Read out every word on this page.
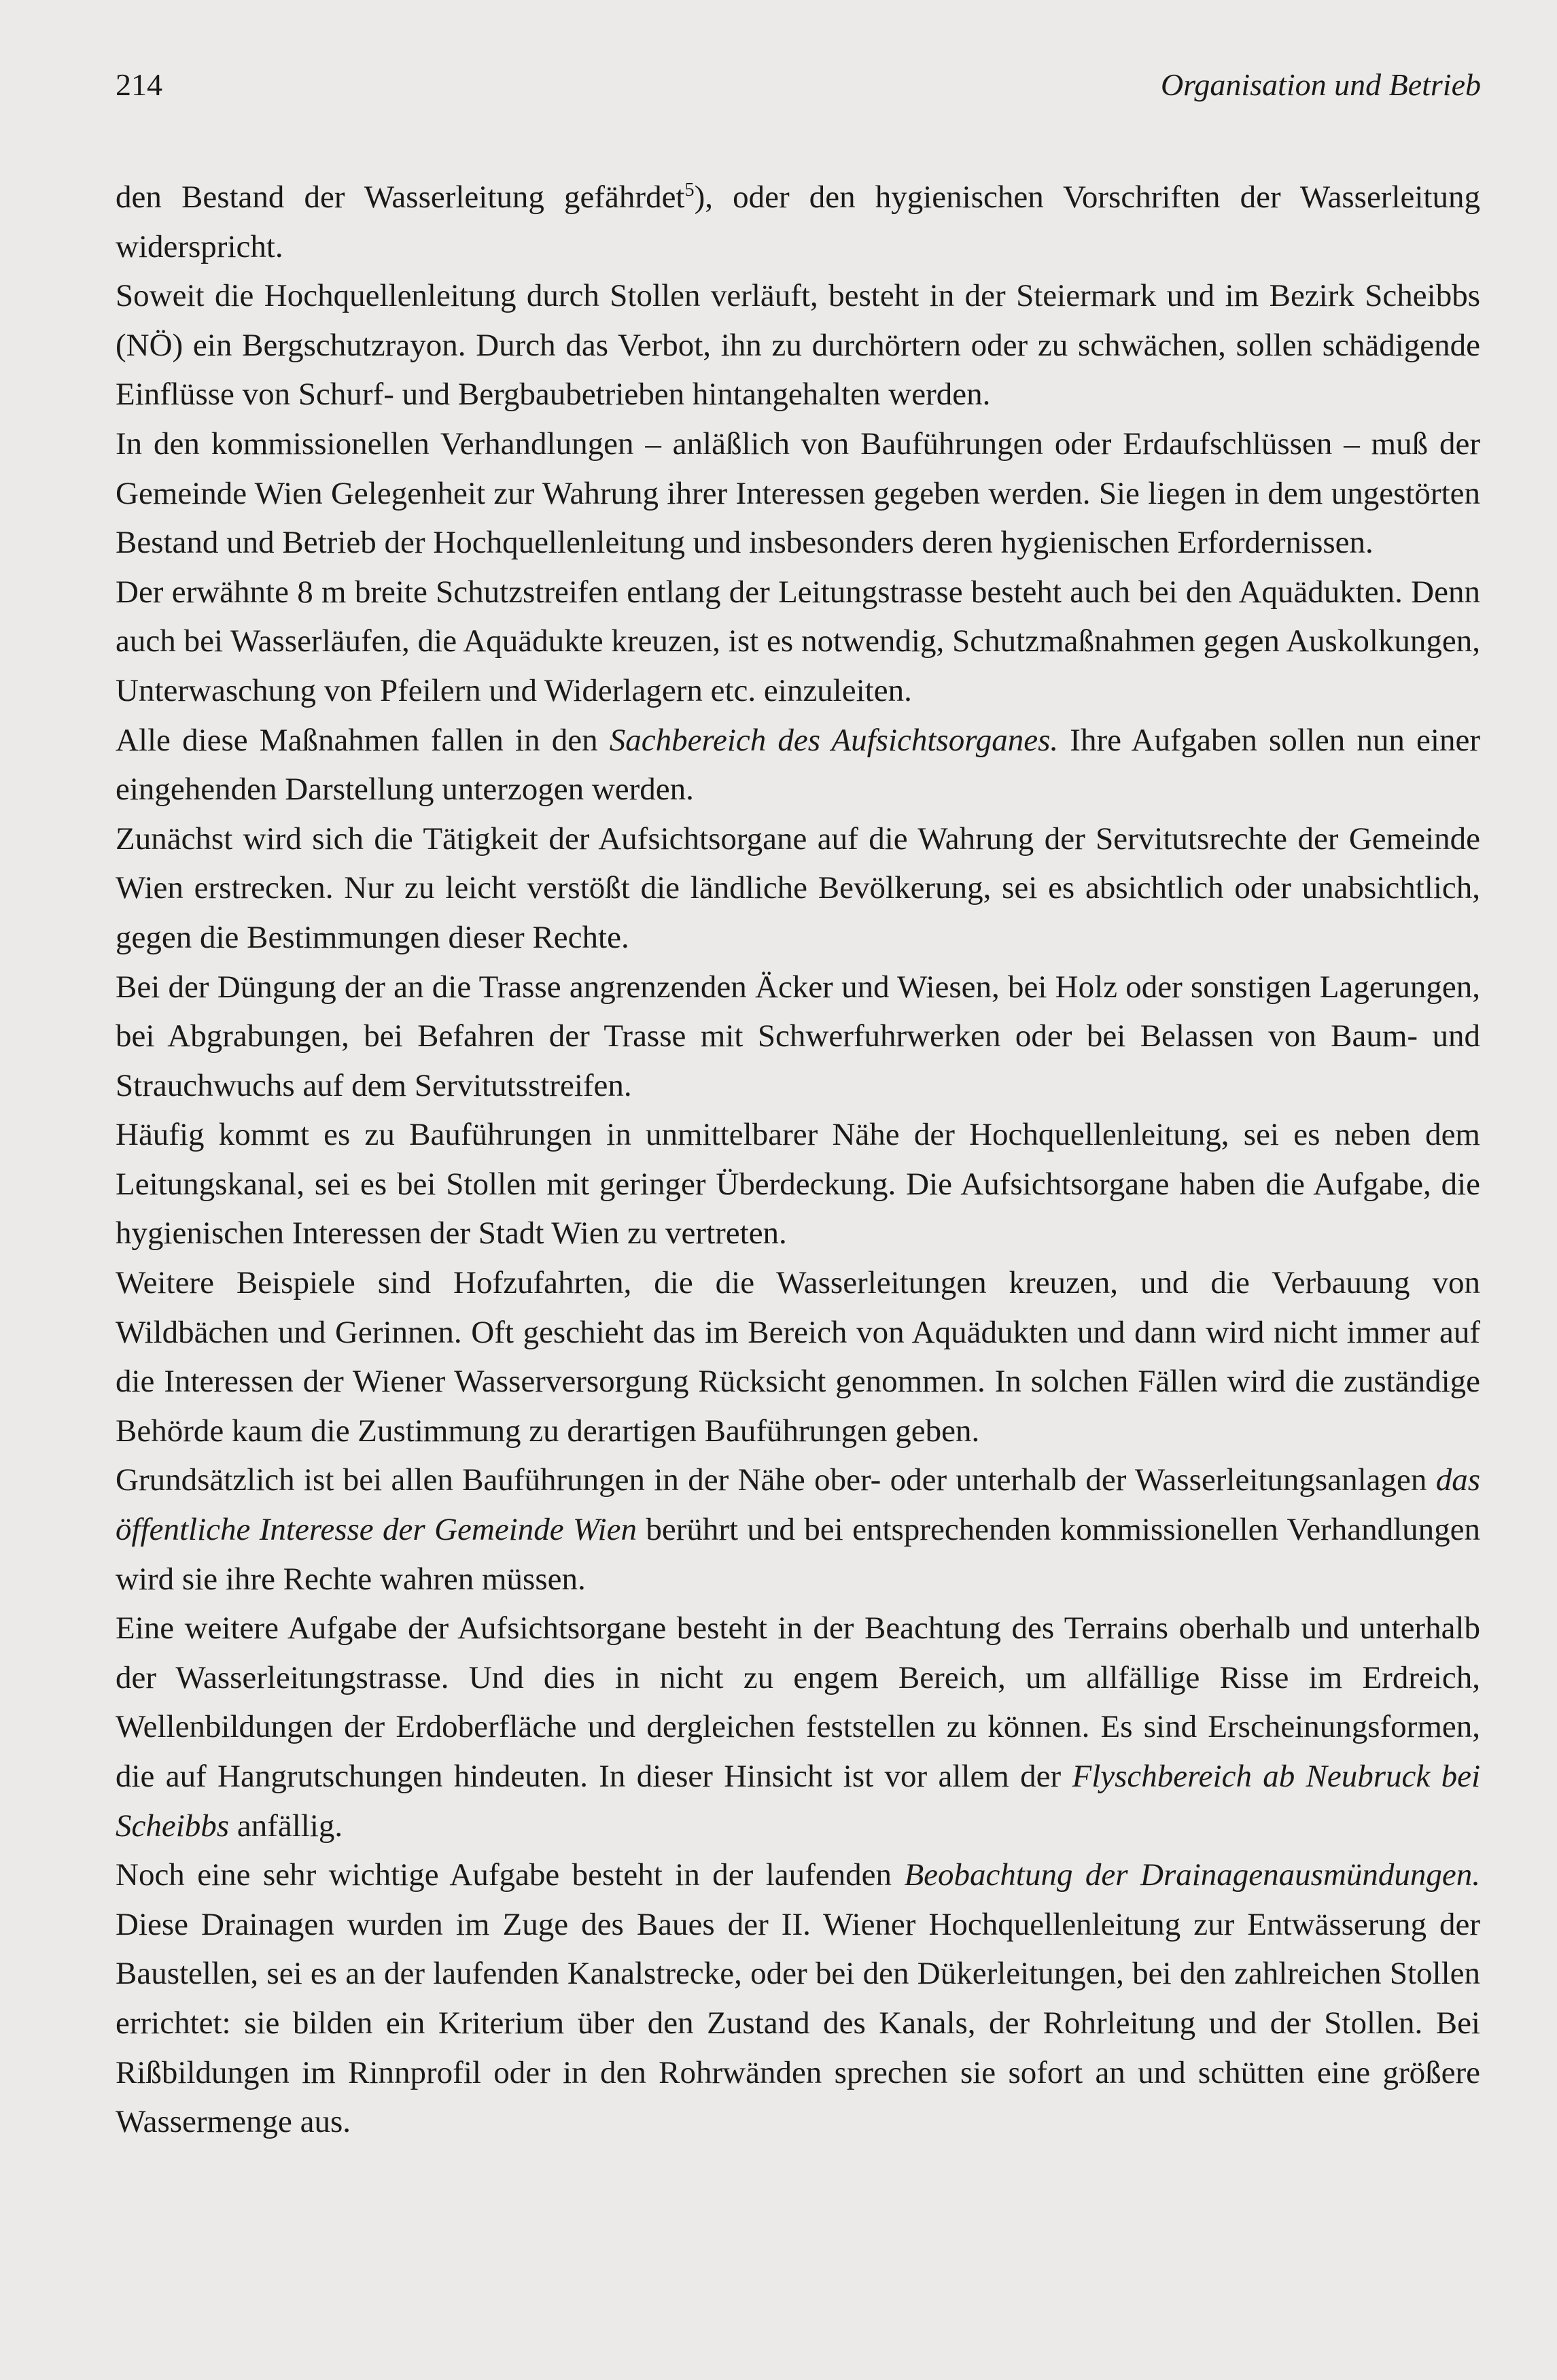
214	Organisation und Betrieb

den Bestand der Wasserleitung gefährdet$^5$), oder den hygienischen Vorschriften der Wasserleitung widerspricht.

Soweit die Hochquellenleitung durch Stollen verläuft, besteht in der Steiermark und im Bezirk Scheibbs (NÖ) ein Bergschutzrayon. Durch das Verbot, ihn zu durchörtern oder zu schwächen, sollen schädigende Einflüsse von Schurf- und Bergbaubetrieben hintangehalten werden.

In den kommissionellen Verhandlungen – anläßlich von Bauführungen oder Erdaufschlüssen – muß der Gemeinde Wien Gelegenheit zur Wahrung ihrer Interessen gegeben werden. Sie liegen in dem ungestörten Bestand und Betrieb der Hochquellenleitung und insbesonders deren hygienischen Erfordernissen.

Der erwähnte 8 m breite Schutzstreifen entlang der Leitungstrasse besteht auch bei den Aquädukten. Denn auch bei Wasserläufen, die Aquädukte kreuzen, ist es notwendig, Schutzmaßnahmen gegen Auskolkungen, Unterwaschung von Pfeilern und Widerlagern etc. einzuleiten.

Alle diese Maßnahmen fallen in den Sachbereich des Aufsichtsorganes. Ihre Aufgaben sollen nun einer eingehenden Darstellung unterzogen werden.

Zunächst wird sich die Tätigkeit der Aufsichtsorgane auf die Wahrung der Servitutsrechte der Gemeinde Wien erstrecken. Nur zu leicht verstößt die ländliche Bevölkerung, sei es absichtlich oder unabsichtlich, gegen die Bestimmungen dieser Rechte.

Bei der Düngung der an die Trasse angrenzenden Äcker und Wiesen, bei Holz oder sonstigen Lagerungen, bei Abgrabungen, bei Befahren der Trasse mit Schwerfuhrwerken oder bei Belassen von Baum- und Strauchwuchs auf dem Servitutsstreifen.

Häufig kommt es zu Bauführungen in unmittelbarer Nähe der Hochquellenleitung, sei es neben dem Leitungskanal, sei es bei Stollen mit geringer Überdeckung. Die Aufsichtsorgane haben die Aufgabe, die hygienischen Interessen der Stadt Wien zu vertreten.

Weitere Beispiele sind Hofzufahrten, die die Wasserleitungen kreuzen, und die Verbauung von Wildbächen und Gerinnen. Oft geschieht das im Bereich von Aquädukten und dann wird nicht immer auf die Interessen der Wiener Wasserversorgung Rücksicht genommen. In solchen Fällen wird die zuständige Behörde kaum die Zustimmung zu derartigen Bauführungen geben.

Grundsätzlich ist bei allen Bauführungen in der Nähe ober- oder unterhalb der Wasserleitungsanlagen das öffentliche Interesse der Gemeinde Wien berührt und bei entsprechenden kommissionellen Verhandlungen wird sie ihre Rechte wahren müssen.

Eine weitere Aufgabe der Aufsichtsorgane besteht in der Beachtung des Terrains oberhalb und unterhalb der Wasserleitungstrasse. Und dies in nicht zu engem Bereich, um allfällige Risse im Erdreich, Wellenbildungen der Erdoberfläche und dergleichen feststellen zu können. Es sind Erscheinungsformen, die auf Hangrutschungen hindeuten. In dieser Hinsicht ist vor allem der Flyschbereich ab Neubruck bei Scheibbs anfällig.

Noch eine sehr wichtige Aufgabe besteht in der laufenden Beobachtung der Drainagenausmündungen. Diese Drainagen wurden im Zuge des Baues der II. Wiener Hochquellenleitung zur Entwässerung der Baustellen, sei es an der laufenden Kanalstrecke, oder bei den Dükerleitungen, bei den zahlreichen Stollen errichtet: sie bilden ein Kriterium über den Zustand des Kanals, der Rohrleitung und der Stollen. Bei Rißbildungen im Rinnprofil oder in den Rohrwänden sprechen sie sofort an und schütten eine größere Wassermenge aus.
